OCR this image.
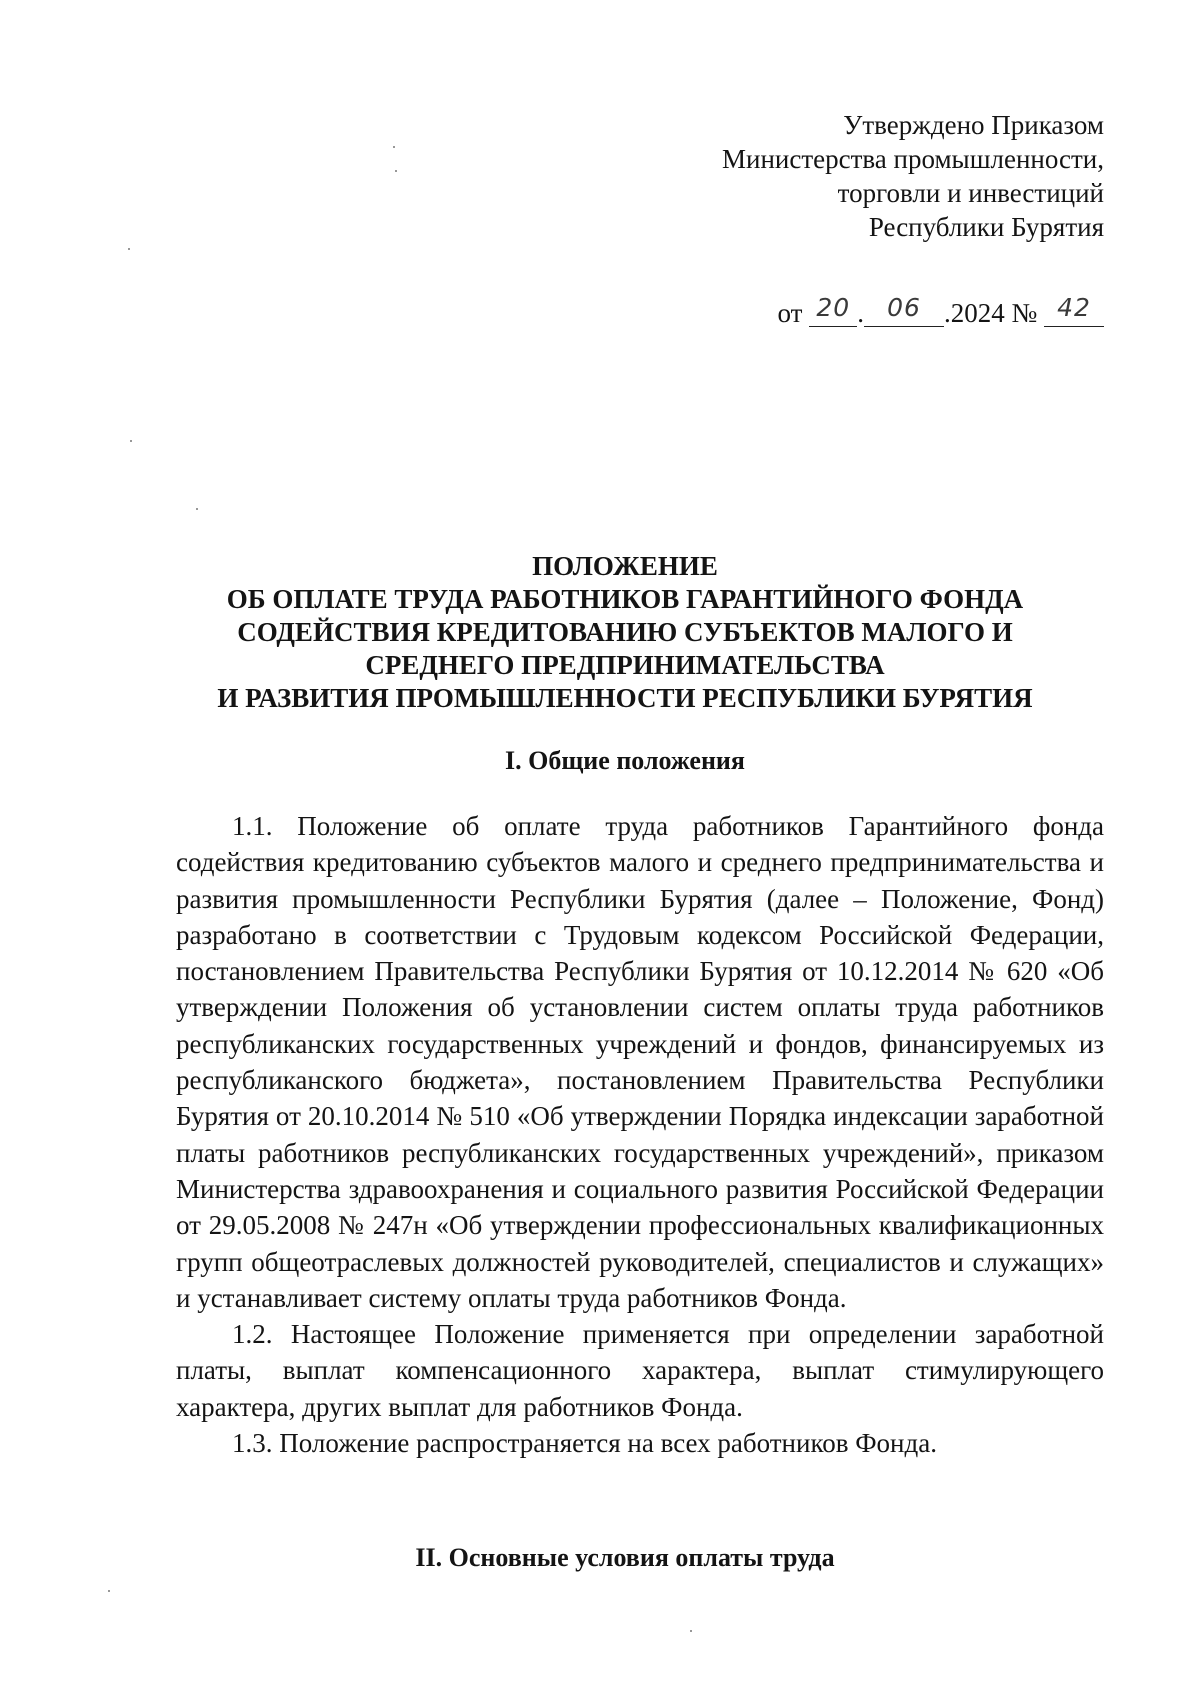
Утверждено Приказом
Министерства промышленности,
торговли и инвестиций
Республики Бурятия
от 20 . 06 .2024 № 42
ПОЛОЖЕНИЕ
ОБ ОПЛАТЕ ТРУДА РАБОТНИКОВ ГАРАНТИЙНОГО ФОНДА
СОДЕЙСТВИЯ КРЕДИТОВАНИЮ СУБЪЕКТОВ МАЛОГО И
СРЕДНЕГО ПРЕДПРИНИМАТЕЛЬСТВА
И РАЗВИТИЯ ПРОМЫШЛЕННОСТИ РЕСПУБЛИКИ БУРЯТИЯ
I. Общие положения

1.1. Положение об оплате труда работников Гарантийного фонда содействия кредитованию субъектов малого и среднего предпринимательства и развития промышленности Республики Бурятия (далее – Положение, Фонд) разработано в соответствии с Трудовым кодексом Российской Федерации, постановлением Правительства Республики Бурятия от 10.12.2014 № 620 «Об утверждении Положения об установлении систем оплаты труда работников республиканских государственных учреждений и фондов, финансируемых из республиканского бюджета», постановлением Правительства Республики Бурятия от 20.10.2014 № 510 «Об утверждении Порядка индексации заработной платы работников республиканских государственных учреждений», приказом Министерства здравоохранения и социального развития Российской Федерации от 29.05.2008 № 247н «Об утверждении профессиональных квалификационных групп общеотраслевых должностей руководителей, специалистов и служащих» и устанавливает систему оплаты труда работников Фонда.

1.2. Настоящее Положение применяется при определении заработной платы, выплат компенсационного характера, выплат стимулирующего характера, других выплат для работников Фонда.

1.3. Положение распространяется на всех работников Фонда.

II. Основные условия оплаты труда
